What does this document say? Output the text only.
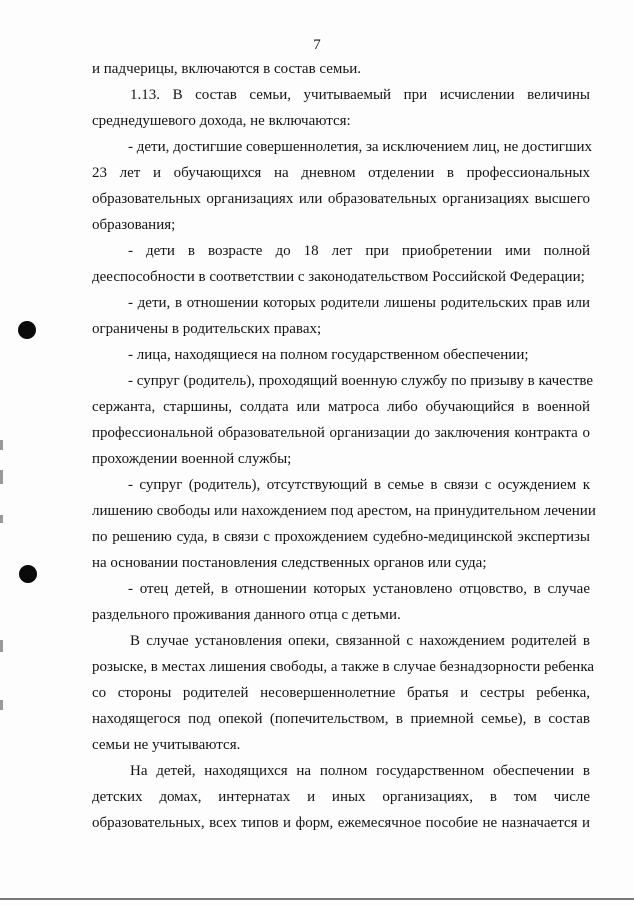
7
и падчерицы, включаются в состав семьи.
1.13. В состав семьи, учитываемый при исчислении величины
среднедушевого дохода, не включаются:
- дети, достигшие совершеннолетия, за исключением лиц, не достигших
23 лет и обучающихся на дневном отделении в профессиональных
образовательных организациях или образовательных организациях высшего
образования;
- дети в возрасте до 18 лет при приобретении ими полной
дееспособности в соответствии с законодательством Российской Федерации;
- дети, в отношении которых родители лишены родительских прав или
ограничены в родительских правах;
- лица, находящиеся на полном государственном обеспечении;
- супруг (родитель), проходящий военную службу по призыву в качестве
сержанта, старшины, солдата или матроса либо обучающийся в военной
профессиональной образовательной организации до заключения контракта о
прохождении военной службы;
- супруг (родитель), отсутствующий в семье в связи с осуждением к
лишению свободы или нахождением под арестом, на принудительном лечении
по решению суда, в связи с прохождением судебно-медицинской экспертизы
на основании постановления следственных органов или суда;
- отец детей, в отношении которых установлено отцовство, в случае
раздельного проживания данного отца с детьми.
В случае установления опеки, связанной с нахождением родителей в
розыске, в местах лишения свободы, а также в случае безнадзорности ребенка
со стороны родителей несовершеннолетние братья и сестры ребенка,
находящегося под опекой (попечительством, в приемной семье), в состав
семьи не учитываются.
На детей, находящихся на полном государственном обеспечении в
детских домах, интернатах и иных организациях, в том числе
образовательных, всех типов и форм, ежемесячное пособие не назначается и
